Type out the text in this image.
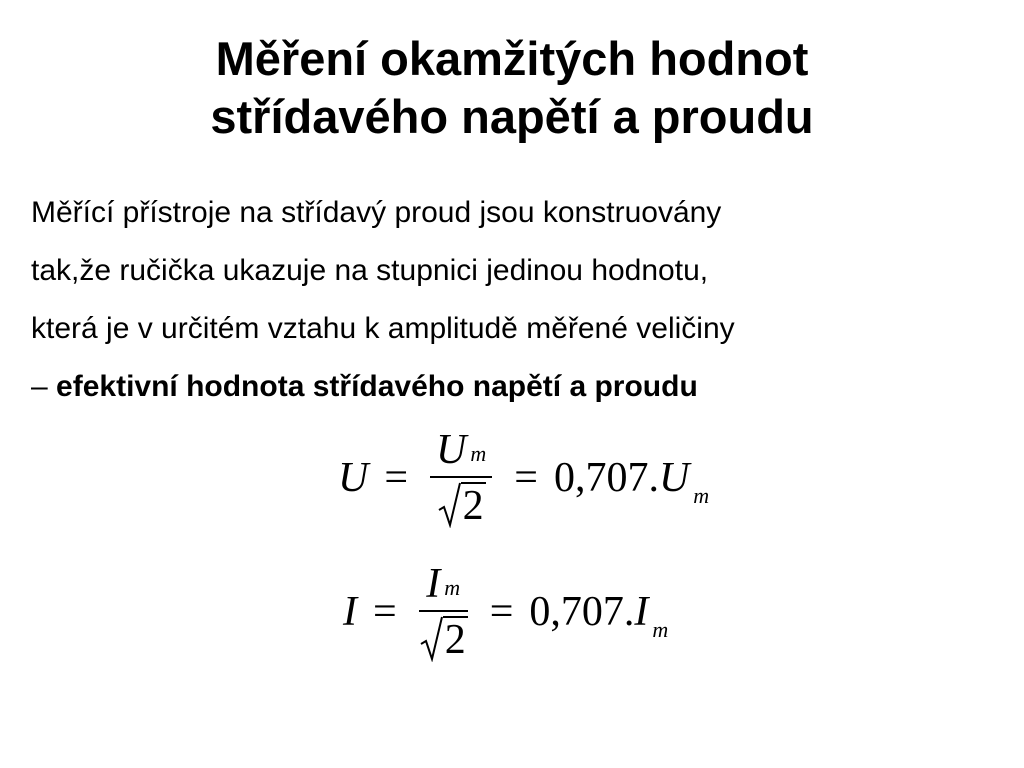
Měření okamžitých hodnot
střídavého napětí a proudu
Měřící přístroje na střídavý proud jsou konstruovány
tak,že ručička ukazuje na stupnici jedinou hodnotu,
která je v určitém vztahu k amplitudě měřené veličiny
– efektivní hodnota střídavého napětí a proudu
$U = \frac{\text{U m}}{2} = 0,707$. U m
$I = \frac{\text{I m}}{2} = 0,707$. I m
